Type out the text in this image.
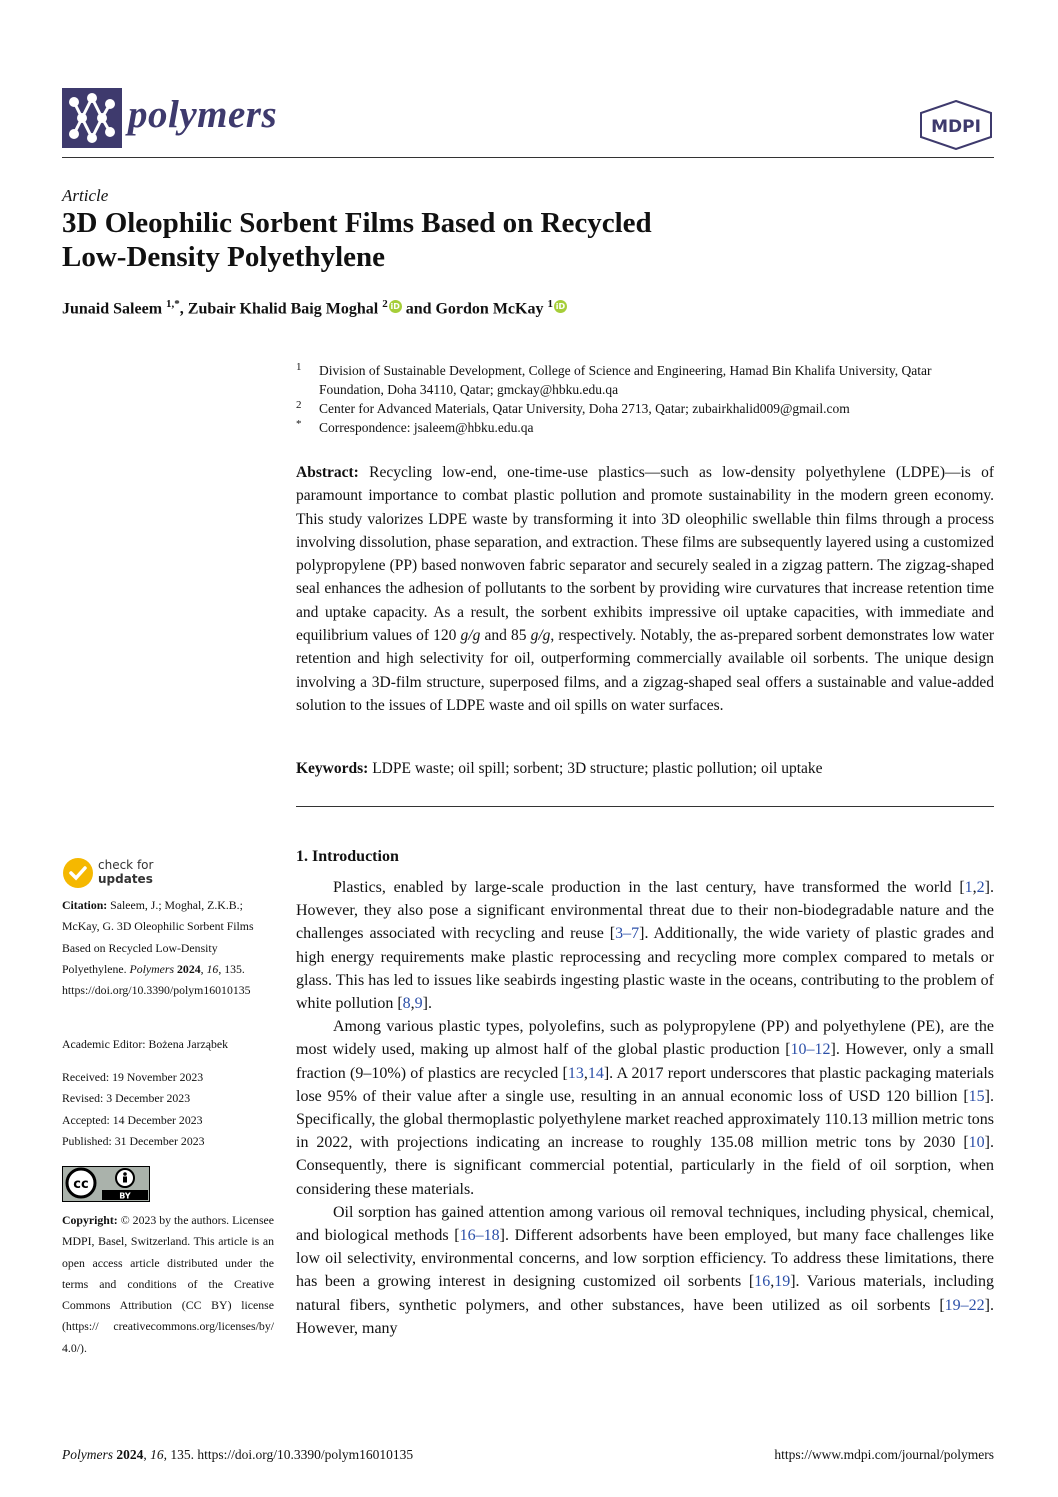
polymers	MDPI
Article
3D Oleophilic Sorbent Films Based on Recycled
Low-Density Polyethylene
Junaid Saleem $^{1,*}$, Zubair Khalid Baig Moghal $^2$ iD and Gordon McKay $^1$ iD
1 Division of Sustainable Development, College of Science and Engineering, Hamad Bin Khalifa University, Qatar Foundation, Doha 34110, Qatar; gmckay@hbku.edu.qa
2 Center for Advanced Materials, Qatar University, Doha 2713, Qatar; zubairkhalid009@gmail.com
* Correspondence: jsaleem@hbku.edu.qa
Abstract: Recycling low-end, one-time-use plastics—such as low-density polyethylene (LDPE)—is of paramount importance to combat plastic pollution and promote sustainability in the modern green economy. This study valorizes LDPE waste by transforming it into 3D oleophilic swellable thin films through a process involving dissolution, phase separation, and extraction. These films are subsequently layered using a customized polypropylene (PP) based nonwoven fabric separator and securely sealed in a zigzag pattern. The zigzag-shaped seal enhances the adhesion of pollutants to the sorbent by providing wire curvatures that increase retention time and uptake capacity. As a result, the sorbent exhibits impressive oil uptake capacities, with immediate and equilibrium values of 120 g/g and 85 g/g, respectively. Notably, the as-prepared sorbent demonstrates low water retention and high selectivity for oil, outperforming commercially available oil sorbents. The unique design involving a 3D-film structure, superposed films, and a zigzag-shaped seal offers a sustainable and value-added solution to the issues of LDPE waste and oil spills on water surfaces.
Keywords: LDPE waste; oil spill; sorbent; 3D structure; plastic pollution; oil uptake
check for
updates
Citation: Saleem, J.; Moghal, Z.K.B.; McKay, G. 3D Oleophilic Sorbent Films Based on Recycled Low-Density Polyethylene. Polymers 2024, 16, 135. https://doi.org/10.3390/polym16010135
Academic Editor: Bożena Jarząbek
Received: 19 November 2023
Revised: 3 December 2023
Accepted: 14 December 2023
Published: 31 December 2023
cc
BY
Copyright: © 2023 by the authors. Licensee MDPI, Basel, Switzerland. This article is an open access article distributed under the terms and conditions of the Creative Commons Attribution (CC BY) license (https:// creativecommons.org/licenses/by/ 4.0/).
1. Introduction

Plastics, enabled by large-scale production in the last century, have transformed the world [1,2]. However, they also pose a significant environmental threat due to their non-biodegradable nature and the challenges associated with recycling and reuse [3–7]. Additionally, the wide variety of plastic grades and high energy requirements make plastic reprocessing and recycling more complex compared to metals or glass. This has led to issues like seabirds ingesting plastic waste in the oceans, contributing to the problem of white pollution [8,9].

Among various plastic types, polyolefins, such as polypropylene (PP) and polyethylene (PE), are the most widely used, making up almost half of the global plastic production [10–12]. However, only a small fraction (9–10%) of plastics are recycled [13,14]. A 2017 report underscores that plastic packaging materials lose 95% of their value after a single use, resulting in an annual economic loss of USD 120 billion [15]. Specifically, the global thermoplastic polyethylene market reached approximately 110.13 million metric tons in 2022, with projections indicating an increase to roughly 135.08 million metric tons by 2030 [10]. Consequently, there is significant commercial potential, particularly in the field of oil sorption, when considering these materials.

Oil sorption has gained attention among various oil removal techniques, including physical, chemical, and biological methods [16–18]. Different adsorbents have been employed, but many face challenges like low oil selectivity, environmental concerns, and low sorption efficiency. To address these limitations, there has been a growing interest in designing customized oil sorbents [16,19]. Various materials, including natural fibers, synthetic polymers, and other substances, have been utilized as oil sorbents [19–22]. However, many

Polymers 2024, 16, 135. https://doi.org/10.3390/polym16010135	https://www.mdpi.com/journal/polymers
